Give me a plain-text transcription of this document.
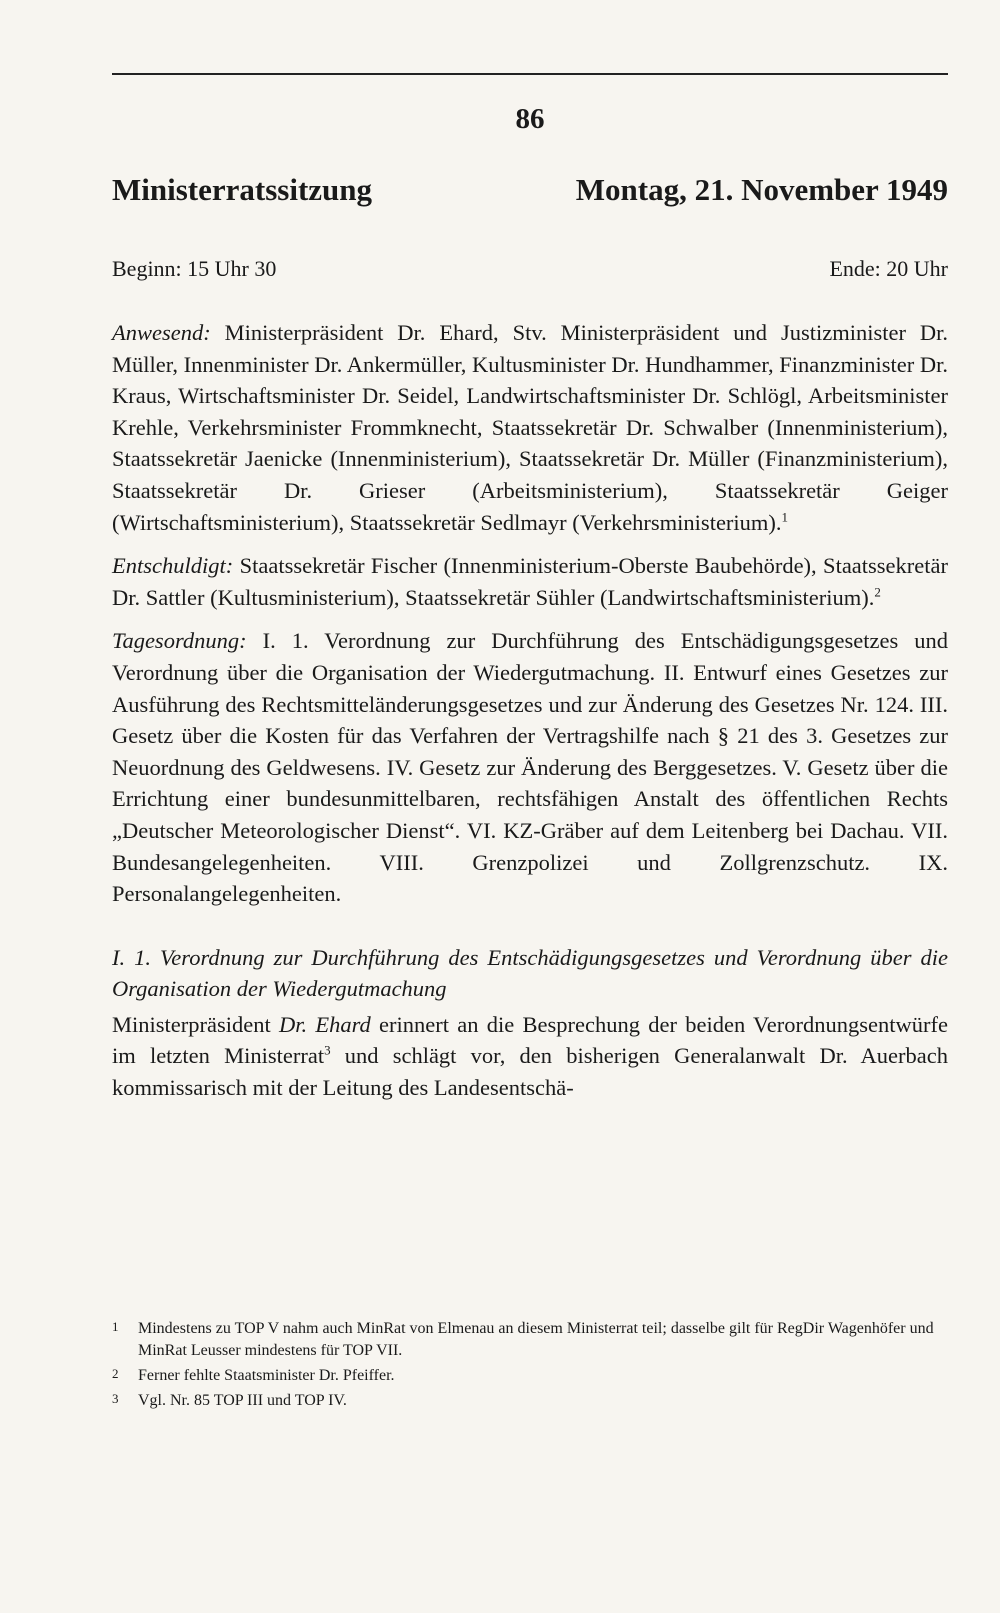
86
Ministerratssitzung	Montag, 21. November 1949
Beginn: 15 Uhr 30	Ende: 20 Uhr

Anwesend: Ministerpräsident Dr. Ehard, Stv. Ministerpräsident und Justizminister Dr. Müller, Innenminister Dr. Ankermüller, Kultusminister Dr. Hundhammer, Finanzminister Dr. Kraus, Wirtschaftsminister Dr. Seidel, Landwirtschaftsminister Dr. Schlögl, Arbeitsminister Krehle, Verkehrsminister Frommknecht, Staatssekretär Dr. Schwalber (Innenministerium), Staatssekretär Jaenicke (Innenministerium), Staatssekretär Dr. Müller (Finanzministerium), Staatssekretär Dr. Grieser (Arbeitsministerium), Staatssekretär Geiger (Wirtschaftsministerium), Staatssekretär Sedlmayr (Verkehrsministerium).$^1$

Entschuldigt: Staatssekretär Fischer (Innenministerium-Oberste Baubehörde), Staatssekretär Dr. Sattler (Kultusministerium), Staatssekretär Sühler (Landwirtschaftsministerium).$^2$

Tagesordnung: I. 1. Verordnung zur Durchführung des Entschädigungsgesetzes und Verordnung über die Organisation der Wiedergutmachung. II. Entwurf eines Gesetzes zur Ausführung des Rechtsmitteländerungsgesetzes und zur Änderung des Gesetzes Nr. 124. III. Gesetz über die Kosten für das Verfahren der Vertragshilfe nach § 21 des 3. Gesetzes zur Neuordnung des Geldwesens. IV. Gesetz zur Änderung des Berggesetzes. V. Gesetz über die Errichtung einer bundesunmittelbaren, rechtsfähigen Anstalt des öffentlichen Rechts „Deutscher Meteorologischer Dienst“. VI. KZ-Gräber auf dem Leitenberg bei Dachau. VII. Bundesangelegenheiten. VIII. Grenzpolizei und Zollgrenzschutz. IX. Personalangelegenheiten.

I. 1. Verordnung zur Durchführung des Entschädigungsgesetzes und Verordnung über die Organisation der Wiedergutmachung

Ministerpräsident Dr. Ehard erinnert an die Besprechung der beiden Verordnungsentwürfe im letzten Ministerrat$^3$ und schlägt vor, den bisherigen Generalanwalt Dr. Auerbach kommissarisch mit der Leitung des Landesentschä-

1	Mindestens zu TOP V nahm auch MinRat von Elmenau an diesem Ministerrat teil; dasselbe gilt für RegDir Wagenhöfer und MinRat Leusser mindestens für TOP VII.
2	Ferner fehlte Staatsminister Dr. Pfeiffer.
3	Vgl. Nr. 85 TOP III und TOP IV.
